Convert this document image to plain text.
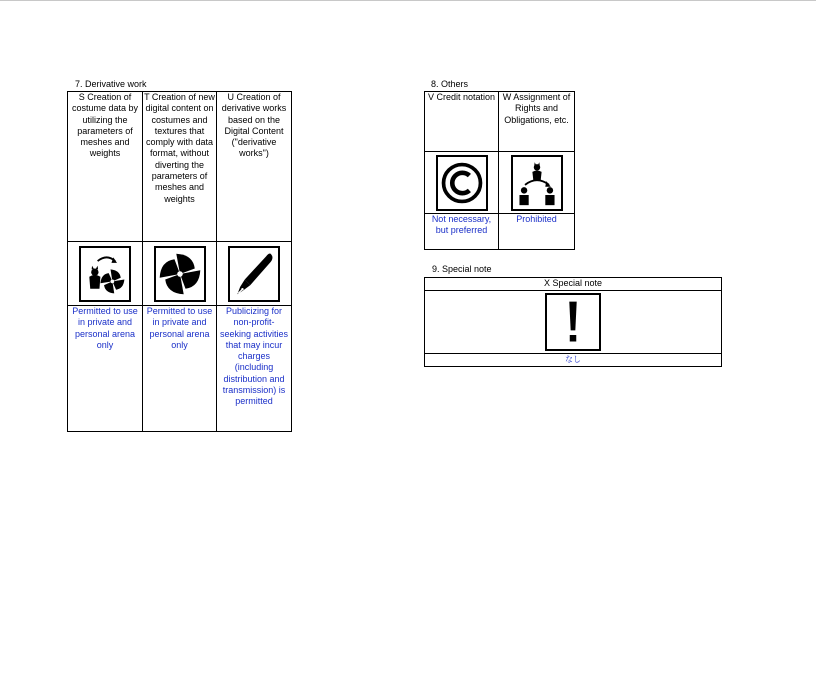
7. Derivative work
S Creation of costume data by utilizing the parameters of meshes and weights	T Creation of new digital content on costumes and textures that comply with data format, without diverting the parameters of meshes and weights	U Creation of derivative works based on the Digital Content ("derivative works")

Permitted to use in private and personal arena only	Permitted to use in private and personal arena only	Publicizing for non-profit-seeking activities that may incur charges (including distribution and transmission) is permitted
8. Others
V Credit notation	W Assignment of Rights and Obligations, etc.

Not necessary, but preferred	Prohibited
9. Special note
X Special note

なし
